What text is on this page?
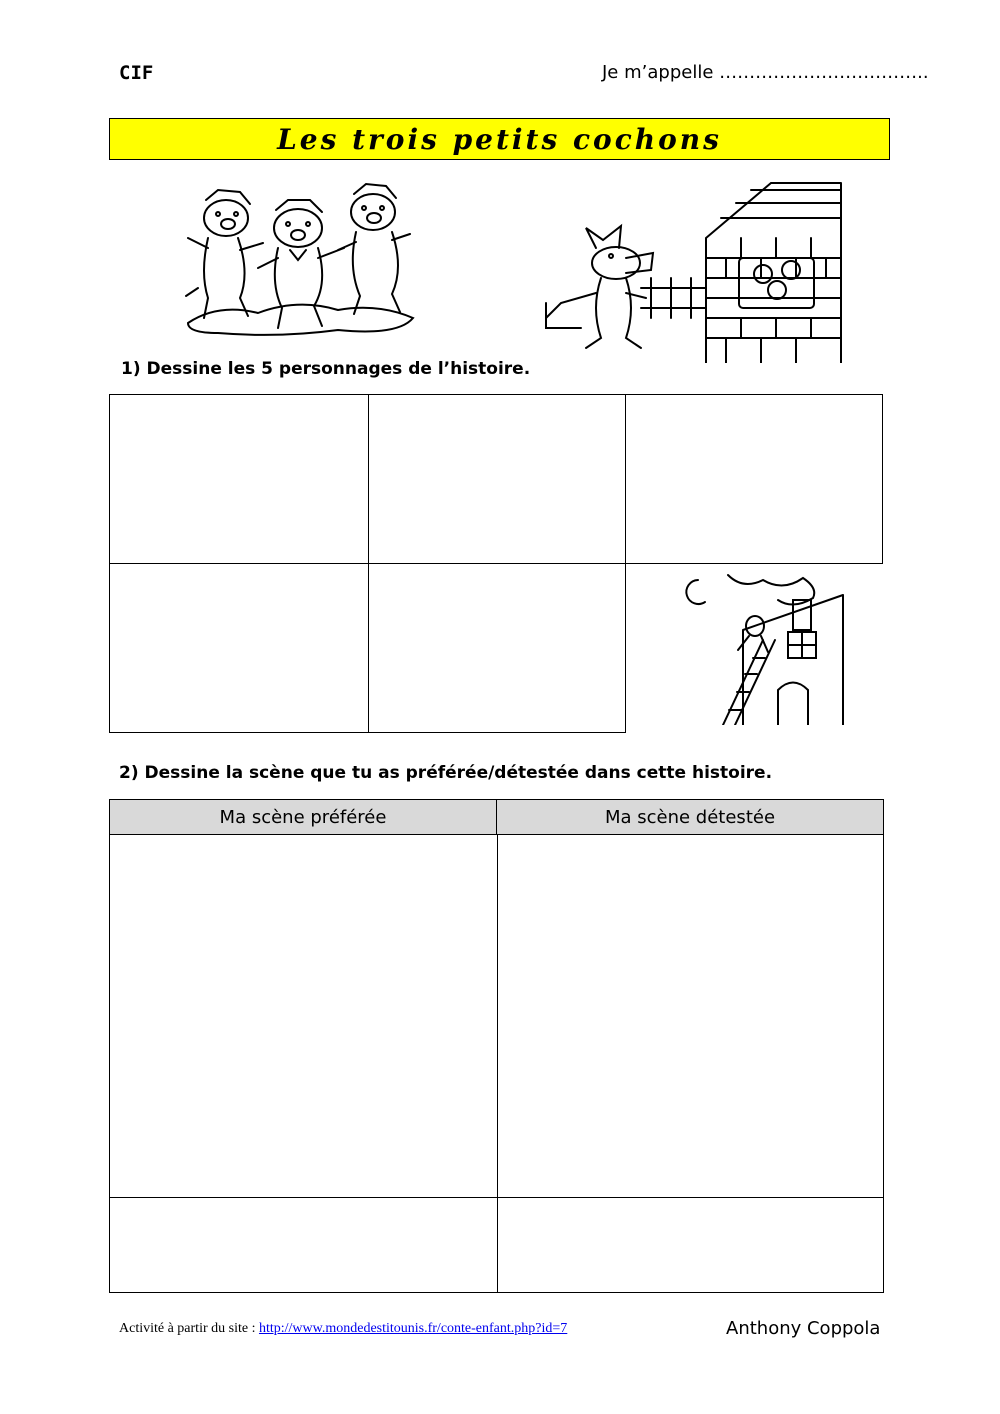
CIF	Je m’appelle ……………………………..
Les trois petits cochons
1) Dessine les 5 personnages de l’histoire.
2) Dessine la scène que tu as préférée/détestée dans cette histoire.
Ma scène préférée	Ma scène détestée
Activité à partir du site : http://www.mondedestitounis.fr/conte-enfant.php?id=7	Anthony Coppola
